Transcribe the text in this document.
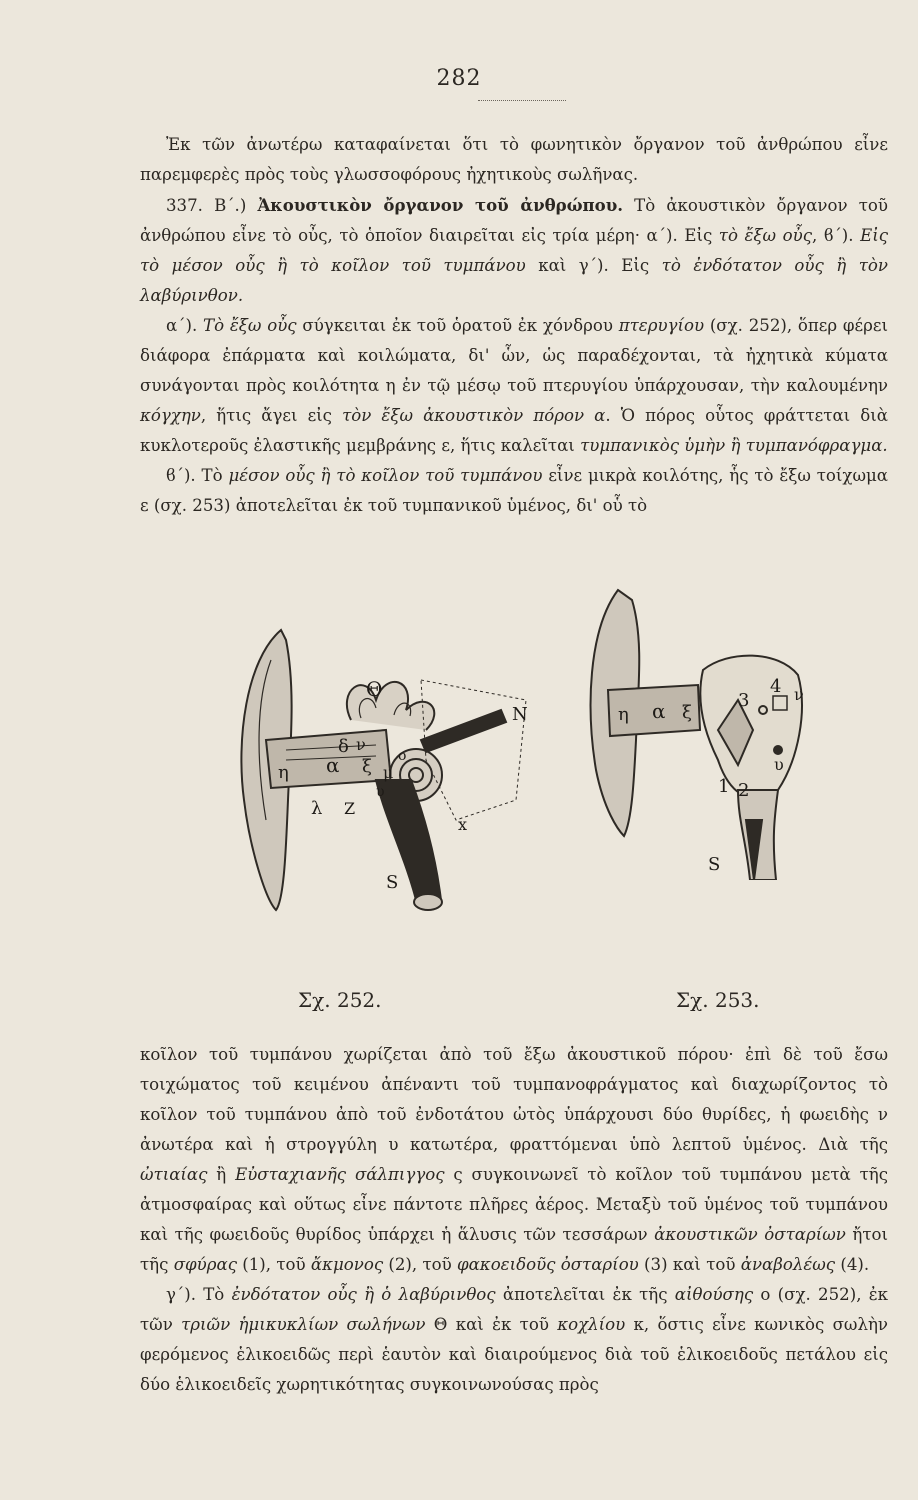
282

Ἐκ τῶν ἀνωτέρω καταφαίνεται ὅτι τὸ φωνητικὸν ὄργανον τοῦ ἀνθρώπου εἶνε παρεμφερὲς πρὸς τοὺς γλωσσοφόρους ἠχητικοὺς σωλῆνας.

337. Β΄.) Ἀκουστικὸν ὄργανον τοῦ ἀνθρώπου. Τὸ ἀκουστικὸν ὄργανον τοῦ ἀνθρώπου εἶνε τὸ οὖς, τὸ ὁποῖον διαιρεῖται εἰς τρία μέρη· α΄). Εἰς τὸ ἔξω οὖς, ϐ΄). Εἰς τὸ μέσον οὖς ἢ τὸ κοῖλον τοῦ τυμπάνου καὶ γ΄). Εἰς τὸ ἐνδότατον οὖς ἢ τὸν λαβύρινθον.

α΄). Τὸ ἔξω οὖς σύγκειται ἐκ τοῦ ὁρατοῦ ἐκ χόνδρου πτερυγίου (σχ. 252), ὅπερ φέρει διάφορα ἐπάρματα καὶ κοιλώματα, δι' ὧν, ὡς παραδέχονται, τὰ ἠχητικὰ κύματα συνάγονται πρὸς κοιλότητα η ἐν τῷ μέσῳ τοῦ πτερυγίου ὑπάρχουσαν, τὴν καλουμένην κόγχην, ἥτις ἄγει εἰς τὸν ἔξω ἀκουστικὸν πόρον α. Ὁ πόρος οὗτος φράττεται διὰ κυκλοτεροῦς ἐλαστικῆς μεμβράνης ε, ἥτις καλεῖται τυμπανικὸς ὑμὴν ἢ τυμπανόφραγμα.

ϐ΄). Τὸ μέσον οὖς ἢ τὸ κοῖλον τοῦ τυμπάνου εἶνε μικρὰ κοιλότης, ἧς τὸ ἔξω τοίχωμα ε (σχ. 253) ἀποτελεῖται ἐκ τοῦ τυμπανικοῦ ὑμένος, δι' οὗ τὸ

Θ
N
δ ν
η α ξ μ
ο
λ Z
υ
x
S
4
3	ν
η α ξ
υ
1 2
S
Σχ. 252.	Σχ. 253.

κοῖλον τοῦ τυμπάνου χωρίζεται ἀπὸ τοῦ ἔξω ἀκουστικοῦ πόρου· ἐπὶ δὲ τοῦ ἔσω τοιχώματος τοῦ κειμένου ἀπέναντι τοῦ τυμπανοφράγματος καὶ διαχωρίζοντος τὸ κοῖλον τοῦ τυμπάνου ἀπὸ τοῦ ἐνδοτάτου ὠτὸς ὑπάρχουσι δύο θυρίδες, ἡ φωειδὴς ν ἀνωτέρα καὶ ἡ στρογγύλη υ κατωτέρα, φραττόμεναι ὑπὸ λεπτοῦ ὑμένος. Διὰ τῆς ὠτιαίας ἢ Εὐσταχιανῆς σάλπιγγος ς συγκοινωνεῖ τὸ κοῖλον τοῦ τυμπάνου μετὰ τῆς ἀτμοσφαίρας καὶ οὕτως εἶνε πάντοτε πλῆρες ἀέρος. Μεταξὺ τοῦ ὑμένος τοῦ τυμπάνου καὶ τῆς φωειδοῦς θυρίδος ὑπάρχει ἡ ἅλυσις τῶν τεσσάρων ἀκουστικῶν ὀσταρίων ἤτοι τῆς σφύρας (1), τοῦ ἄκμονος (2), τοῦ φακοειδοῦς ὀσταρίου (3) καὶ τοῦ ἀναβολέως (4).

γ΄). Τὸ ἐνδότατον οὖς ἢ ὁ λαβύρινθος ἀποτελεῖται ἐκ τῆς αἰθούσης ο (σχ. 252), ἐκ τῶν τριῶν ἡμικυκλίων σωλήνων Θ καὶ ἐκ τοῦ κοχλίου κ, ὅστις εἶνε κωνικὸς σωλὴν φερόμενος ἑλικοειδῶς περὶ ἑαυτὸν καὶ διαιρούμενος διὰ τοῦ ἑλικοειδοῦς πετάλου εἰς δύο ἑλικοειδεῖς χωρητικότητας συγκοινωνούσας πρὸς
